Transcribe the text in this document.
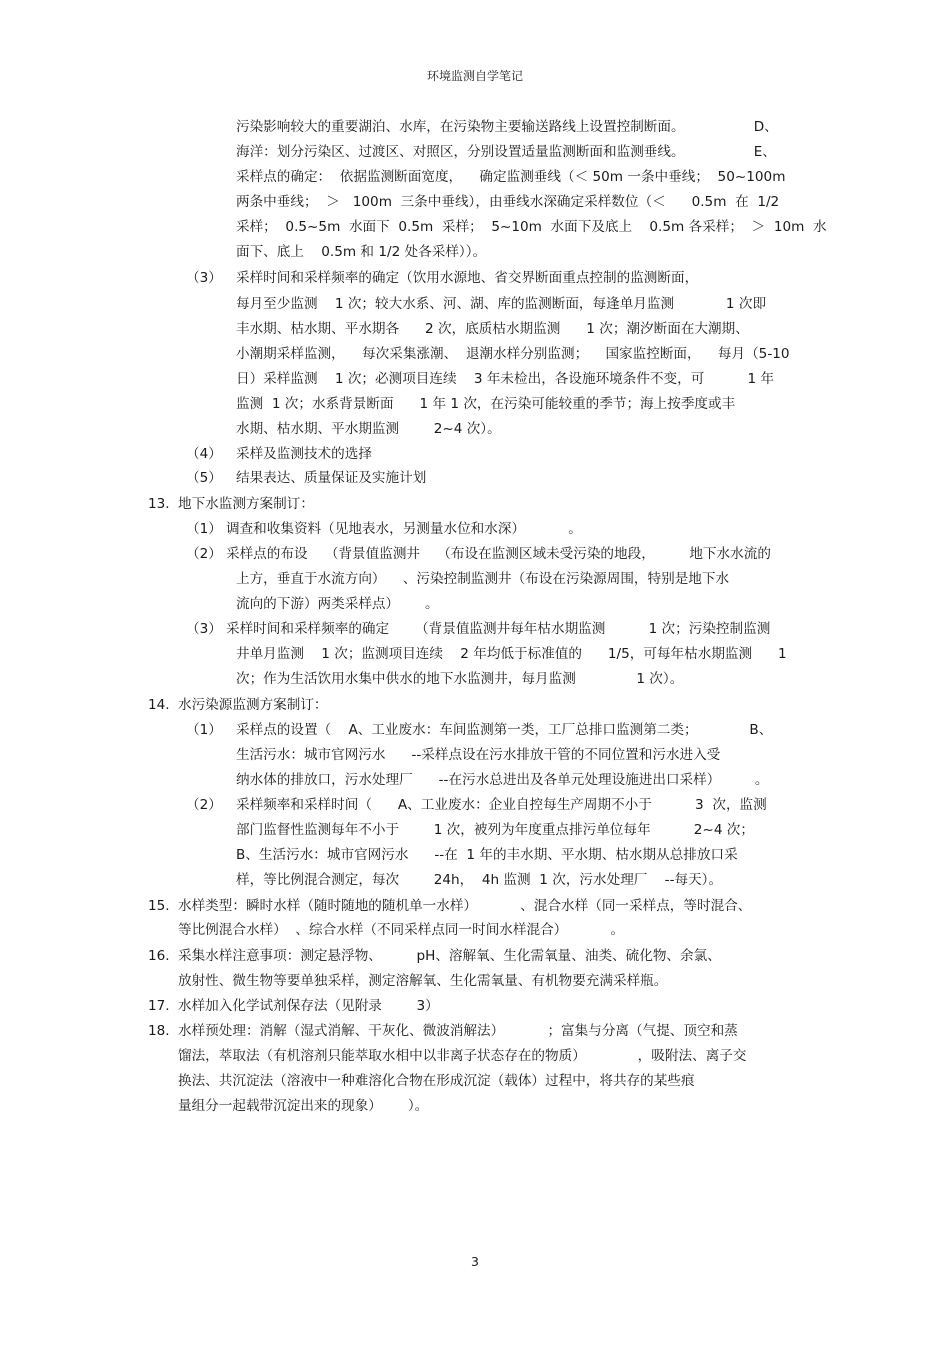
环境监测自学笔记
污染影响较大的重要湖泊、水库，在污染物主要输送路线上设置控制断面。                D、
海洋：划分污染区、过渡区、对照区，分别设置适量监测断面和监测垂线。                E、
采样点的确定：  依据监测断面宽度，    确定监测垂线（＜ 50m 一条中垂线；  50~100m
两条中垂线；  ＞   100m  三条中垂线），由垂线水深确定采样数位（＜      0.5m  在  1/2
采样；  0.5~5m  水面下  0.5m  采样；  5~10m  水面下及底上    0.5m 各采样；  ＞  10m  水
面下、底上    0.5m 和 1/2 处各采样））。
采样时间和采样频率的确定（饮用水源地、省交界断面重点控制的监测断面，
每月至少监测    1 次；较大水系、河、湖、库的监测断面，每逢单月监测            1 次即
丰水期、枯水期、平水期各      2 次，底质枯水期监测      1 次；潮汐断面在大潮期、
小潮期采样监测，    每次采集涨潮、  退潮水样分别监测；    国家监控断面，    每月（5-10
日）采样监测    1 次；必测项目连续    3 年未检出，各设施环境条件不变，可          1 年
监测  1 次；水系背景断面      1 年 1 次，在污染可能较重的季节；海上按季度或丰
水期、枯水期、平水期监测        2~4 次）。
采样及监测技术的选择
结果表达、质量保证及实施计划
地下水监测方案制订：
调查和收集资料（见地表水，另测量水位和水深）          。
采样点的布设    （背景值监测井    （布设在监测区域未受污染的地段，        地下水水流的
上方，垂直于水流方向）    、污染控制监测井（布设在污染源周围，特别是地下水
流向的下游）两类采样点）      。
采样时间和采样频率的确定      （背景值监测井每年枯水期监测          1 次；污染控制监测
井单月监测    1 次；监测项目连续    2 年均低于标准值的      1/5，可每年枯水期监测      1
次；作为生活饮用水集中供水的地下水监测井，每月监测              1 次）。
水污染源监测方案制订：
采样点的设置（    A、工业废水：车间监测第一类，工厂总排口监测第二类；            B、
生活污水：城市官网污水      --采样点设在污水排放干管的不同位置和污水进入受
纳水体的排放口，污水处理厂      --在污水总进出及各单元处理设施进出口采样）        。
采样频率和采样时间（      A、工业废水：企业自控每生产周期不小于          3  次，监测
部门监督性监测每年不小于        1 次，被列为年度重点排污单位每年          2~4 次；
B、生活污水：城市官网污水      --在  1 年的丰水期、平水期、枯水期从总排放口采
样，等比例混合测定，每次        24h，  4h 监测  1 次，污水处理厂    --每天）。
水样类型：瞬时水样（随时随地的随机单一水样）          、混合水样（同一采样点，等时混合、
等比例混合水样）  、综合水样（不同采样点同一时间水样混合）          。
采集水样注意事项：测定悬浮物、        pH、溶解氧、生化需氧量、油类、硫化物、余氯、
放射性、微生物等要单独采样，测定溶解氧、生化需氧量、有机物要充满采样瓶。
水样加入化学试剂保存法（见附录        3）
水样预处理：消解（湿式消解、干灰化、微波消解法）          ；富集与分离（气提、顶空和蒸
馏法，萃取法（有机溶剂只能萃取水相中以非离子状态存在的物质）            ，吸附法、离子交
换法、共沉淀法（溶液中一种难溶化合物在形成沉淀（载体）过程中，将共存的某些痕
量组分一起载带沉淀出来的现象）      ）。
（3）
（4）
（5）
13.
（1）
（2）
（3）
14.
（1）
（2）
15.
16.
17.
18.
3
